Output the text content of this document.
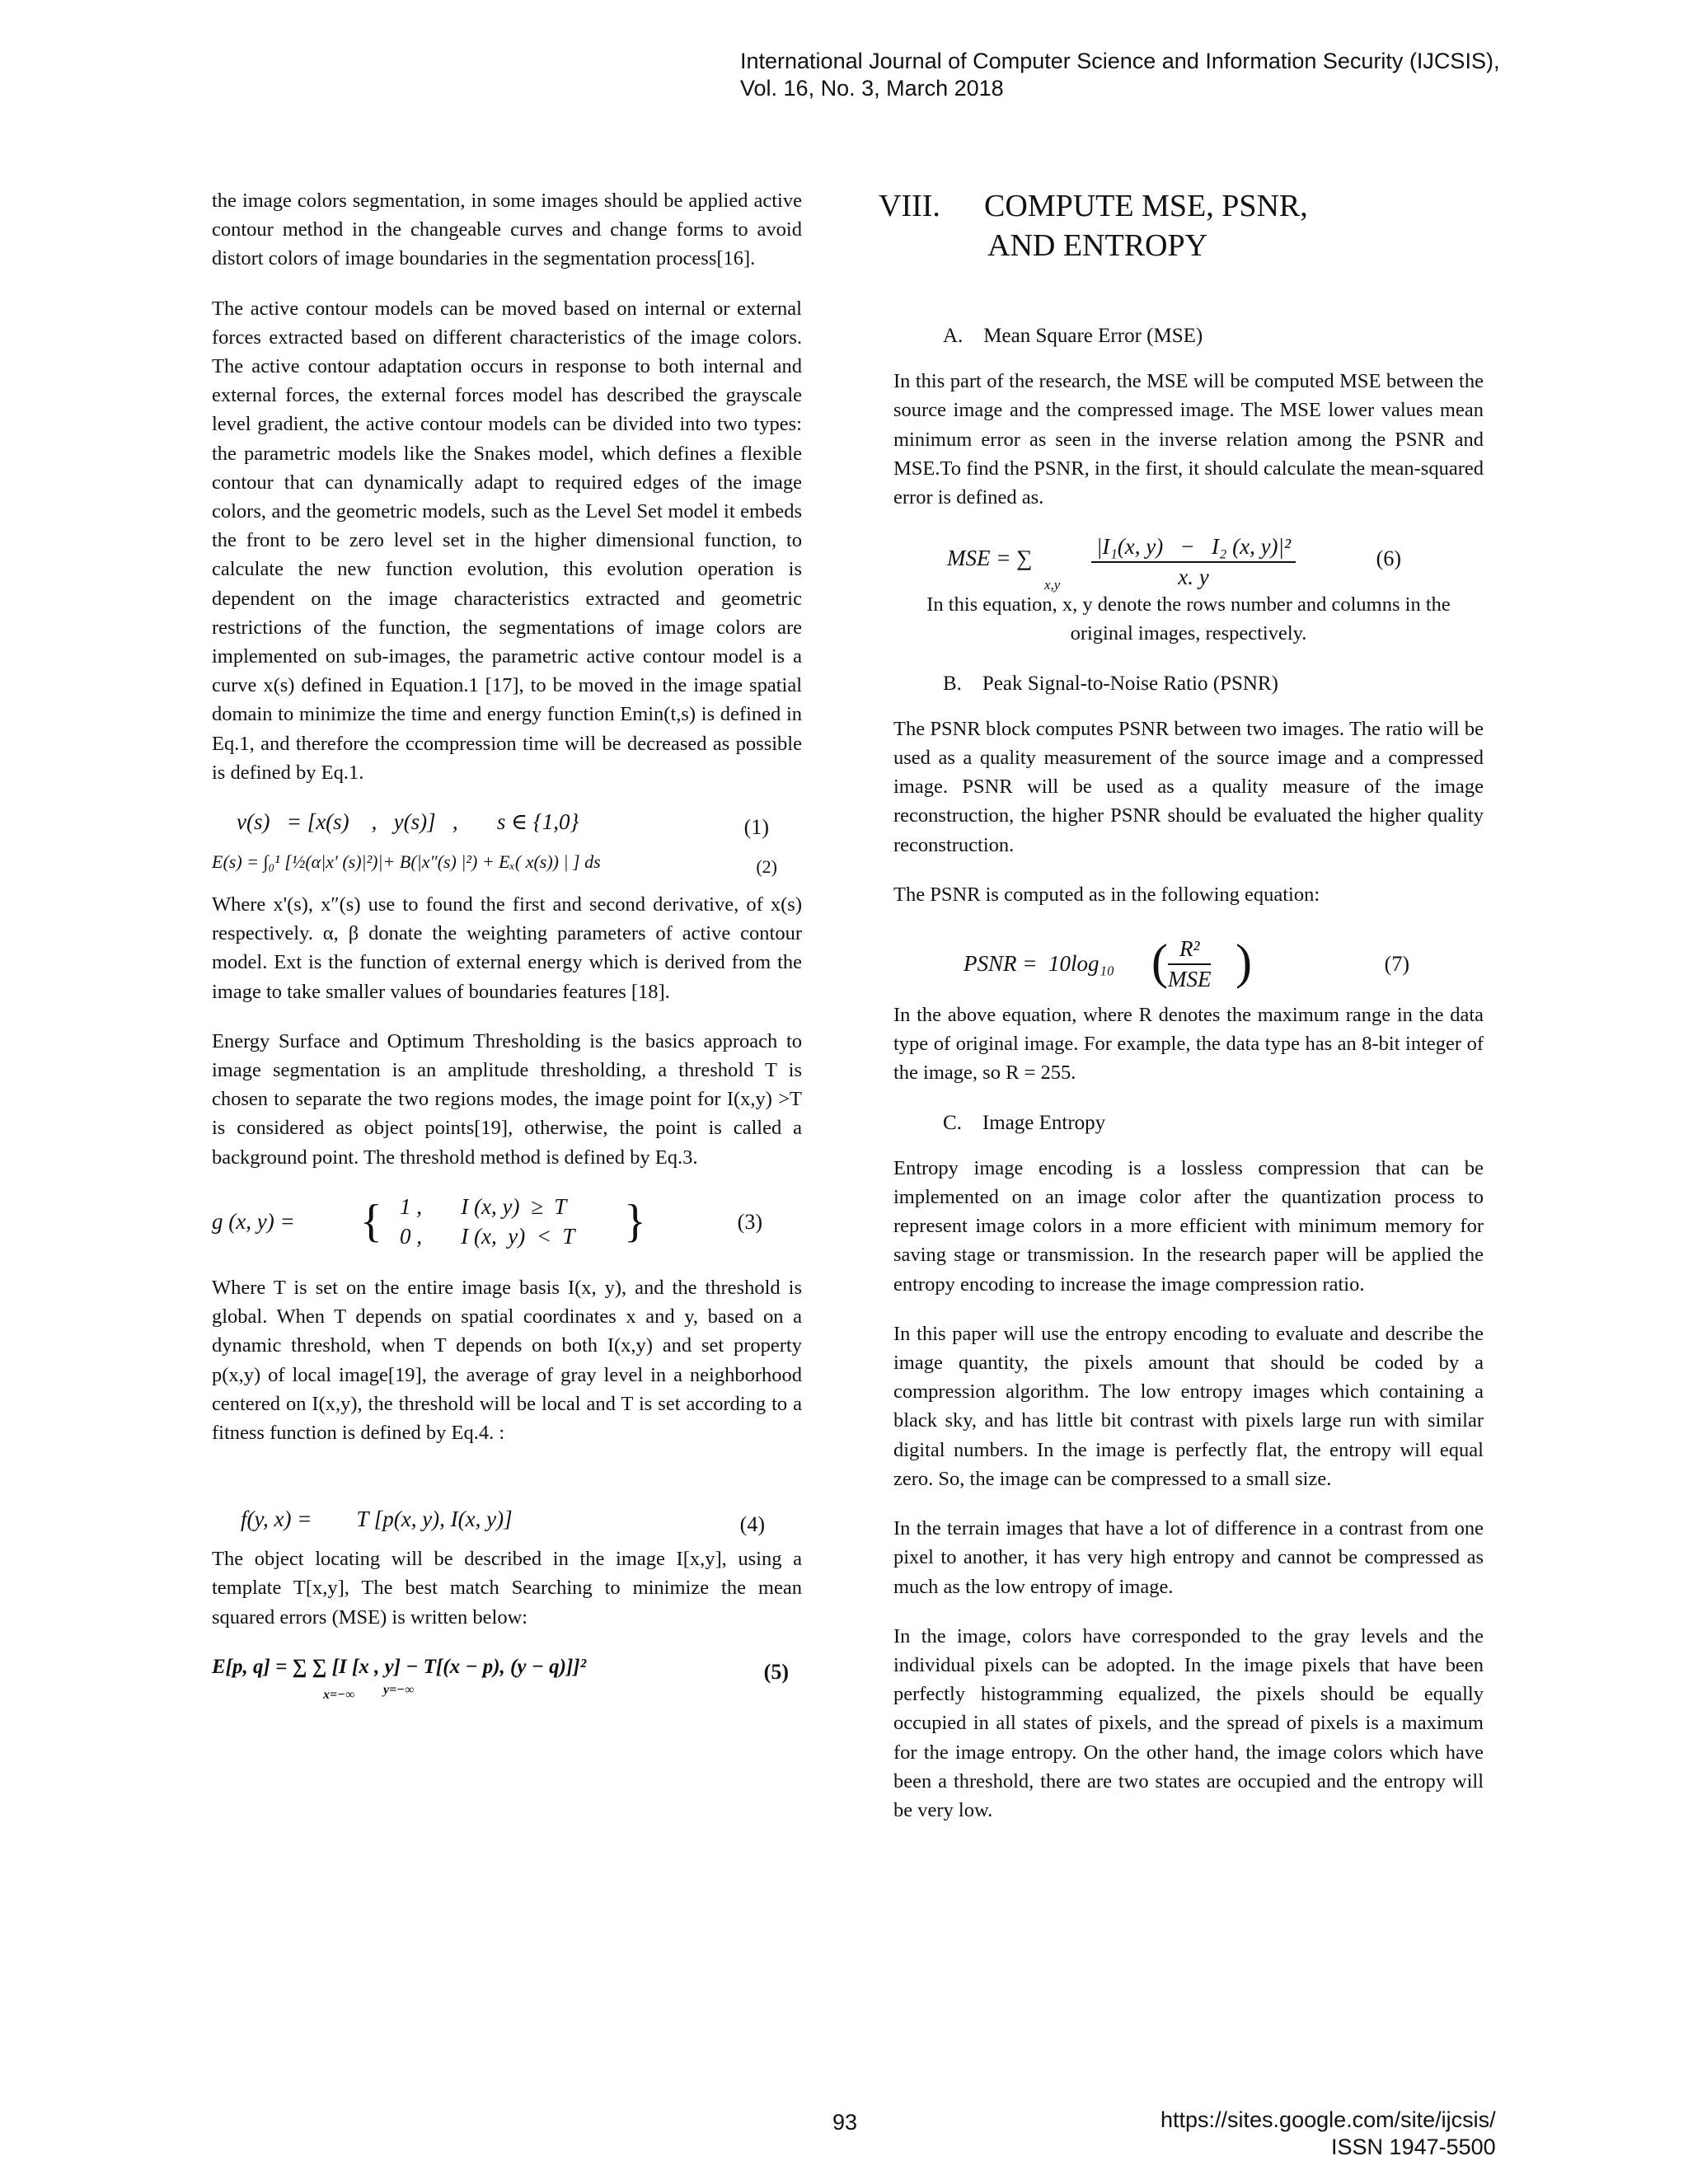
International Journal of Computer Science and Information Security (IJCSIS),
Vol. 16, No. 3, March 2018

the image colors segmentation, in some images should be applied active contour method in the changeable curves and change forms to avoid distort colors of image boundaries in the segmentation process[16].

The active contour models can be moved based on internal or external forces extracted based on different characteristics of the image colors. The active contour adaptation occurs in response to both internal and external forces, the external forces model has described the grayscale level gradient, the active contour models can be divided into two types: the parametric models like the Snakes model, which defines a flexible contour that can dynamically adapt to required edges of the image colors, and the geometric models, such as the Level Set model it embeds the front to be zero level set in the higher dimensional function, to calculate the new function evolution, this evolution operation is dependent on the image characteristics extracted and geometric restrictions of the function, the segmentations of image colors are implemented on sub-images, the parametric active contour model is a curve x(s) defined in Equation.1 [17], to be moved in the image spatial domain to minimize the time and energy function Emin(t,s) is defined in Eq.1, and therefore the ccompression time will be decreased as possible is defined by Eq.1.

v(s)   = [x(s)    ,   y(s)]   ,       s ∈ {1,0}	(1)
E(s) = ∫₀¹ [½(α|x′ (s)|²)|+ B(|x″(s) |²) + Eₓ( x(s)) | ] ds	(2)

Where x'(s), x″(s) use to found the first and second derivative, of x(s) respectively. α, β donate the weighting parameters of active contour model. Ext is the function of external energy which is derived from the image to take smaller values of boundaries features [18].

Energy Surface and Optimum Thresholding is the basics approach to image segmentation is an amplitude thresholding, a threshold T is chosen to separate the two regions modes, the image point for I(x,y) >T is considered as object points[19], otherwise, the point is called a background point. The threshold method is defined by Eq.3.

g (x, y) = { 1 ,       I (x, y)  ≥  T
0 ,       I (x,  y)  <  T }	(3)

Where T is set on the entire image basis I(x, y), and the threshold is global. When T depends on spatial coordinates x and y, based on a dynamic threshold, when T depends on both I(x,y) and set property p(x,y) of local image[19], the average of gray level in a neighborhood centered on I(x,y), the threshold will be local and T is set according to a fitness function is defined by Eq.4. :

f(y, x) =        T [p(x, y), I(x, y)]	(4)

The object locating will be described in the image I[x,y], using a template T[x,y], The best match Searching to minimize the mean squared errors (MSE) is written below:

E[p, q] = ∑ ∑ [I [x , y] − T[(x − p), (y − q)]]²
x=−∞ y=−∞
(5)
VIII. COMPUTE MSE, PSNR,
AND ENTROPY
A.    Mean Square Error (MSE)

In this part of the research, the MSE will be computed MSE between the source image and the compressed image. The MSE lower values mean minimum error as seen in the inverse relation among the PSNR and MSE.To find the PSNR, in the first, it should calculate the mean-squared error is defined as.

MSE = ∑
$x,y \frac{\text{|I₁(x, y)   −   I₂ (x, y)|²}}{x. y}$	(6)

In this equation, x, y denote the rows number and columns in the original images, respectively.

B.    Peak Signal-to-Noise Ratio (PSNR)

The PSNR block computes PSNR between two images. The ratio will be used as a quality measurement of the source image and a compressed image. PSNR will be used as a quality measure of the image reconstruction, the higher PSNR should be evaluated the higher quality reconstruction.

The PSNR is computed as in the following equation:

PSNR =  10log₁₀ ( R²
MSE )	(7)

In the above equation, where R denotes the maximum range in the data type of original image. For example, the data type has an 8-bit integer of the image, so R = 255.

C.    Image Entropy

Entropy image encoding is a lossless compression that can be implemented on an image color after the quantization process to represent image colors in a more efficient with minimum memory for saving stage or transmission. In the research paper will be applied the entropy encoding to increase the image compression ratio.

In this paper will use the entropy encoding to evaluate and describe the image quantity, the pixels amount that should be coded by a compression algorithm. The low entropy images which containing a black sky, and has little bit contrast with pixels large run with similar digital numbers. In the image is perfectly flat, the entropy will equal zero. So, the image can be compressed to a small size.

In the terrain images that have a lot of difference in a contrast from one pixel to another, it has very high entropy and cannot be compressed as much as the low entropy of image.

In the image, colors have corresponded to the gray levels and the individual pixels can be adopted. In the image pixels that have been perfectly histogramming equalized, the pixels should be equally occupied in all states of pixels, and the spread of pixels is a maximum for the image entropy. On the other hand, the image colors which have been a threshold, there are two states are occupied and the entropy will be very low.

93	https://sites.google.com/site/ijcsis/
ISSN 1947-5500
